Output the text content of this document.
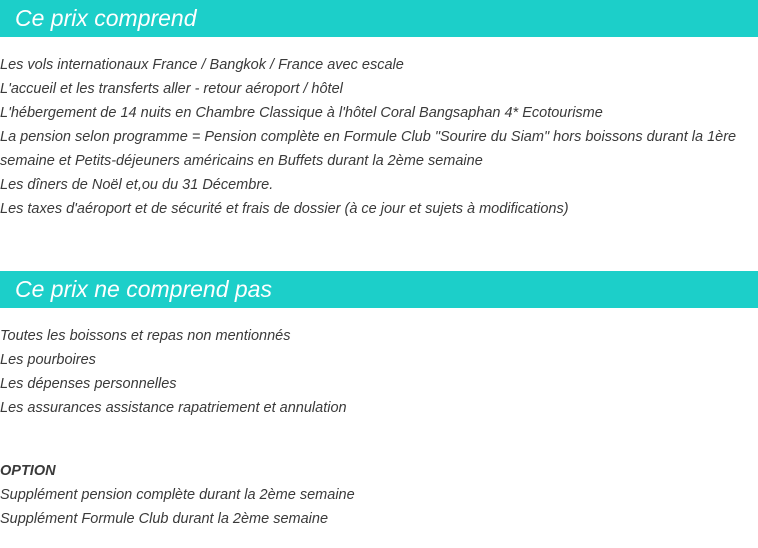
Ce prix comprend
Les vols internationaux France / Bangkok / France avec escale
L'accueil et les transferts aller - retour aéroport / hôtel
L'hébergement de 14 nuits en Chambre Classique à l'hôtel Coral Bangsaphan 4* Ecotourisme
La pension selon programme = Pension complète en Formule Club "Sourire du Siam" hors boissons durant la 1ère
semaine et Petits-déjeuners américains en Buffets durant la 2ème semaine
Les dîners de Noël et,ou du 31 Décembre.
Les taxes d'aéroport et de sécurité et frais de dossier (à ce jour et sujets à modifications)
Ce prix ne comprend pas
Toutes les boissons et repas non mentionnés
Les pourboires
Les dépenses personnelles
Les assurances assistance rapatriement et annulation
OPTION
Supplément pension complète durant la 2ème semaine
Supplément Formule Club durant la 2ème semaine
